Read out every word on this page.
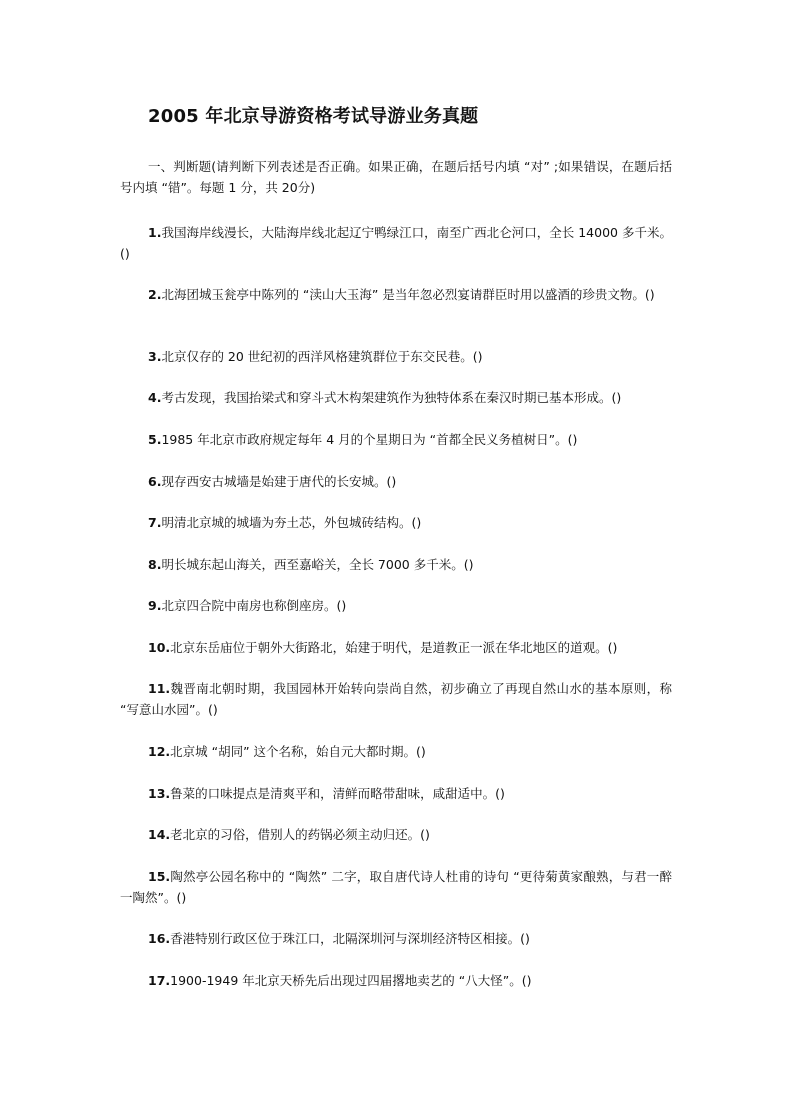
2005 年北京导游资格考试导游业务真题

一、判断题(请判断下列表述是否正确。如果正确，在题后括号内填 “对” ;如果错误，在题后括号内填 “错”。每题 1 分，共 20分)

1.我国海岸线漫长，大陆海岸线北起辽宁鸭绿江口，南至广西北仑河口，全长 14000 多千米。()

2.北海团城玉瓮亭中陈列的 “渎山大玉海” 是当年忽必烈宴请群臣时用以盛酒的珍贵文物。()

3.北京仅存的 20 世纪初的西洋风格建筑群位于东交民巷。()

4.考古发现，我国抬梁式和穿斗式木构架建筑作为独特体系在秦汉时期已基本形成。()

5.1985 年北京市政府规定每年 4 月的个星期日为 “首都全民义务植树日”。()

6.现存西安古城墙是始建于唐代的长安城。()

7.明清北京城的城墙为夯土芯，外包城砖结构。()

8.明长城东起山海关，西至嘉峪关，全长 7000 多千米。()

9.北京四合院中南房也称倒座房。()

10.北京东岳庙位于朝外大街路北，始建于明代，是道教正一派在华北地区的道观。()

11.魏晋南北朝时期，我国园林开始转向崇尚自然，初步确立了再现自然山水的基本原则，称 “写意山水园”。()

12.北京城 “胡同” 这个名称，始自元大都时期。()

13.鲁菜的口味提点是清爽平和，清鲜而略带甜味，咸甜适中。()

14.老北京的习俗，借别人的药锅必须主动归还。()

15.陶然亭公园名称中的 “陶然” 二字，取自唐代诗人杜甫的诗句 “更待菊黄家酿熟，与君一醉一陶然”。()

16.香港特别行政区位于珠江口，北隔深圳河与深圳经济特区相接。()

17.1900-1949 年北京天桥先后出现过四届撂地卖艺的 “八大怪”。()
